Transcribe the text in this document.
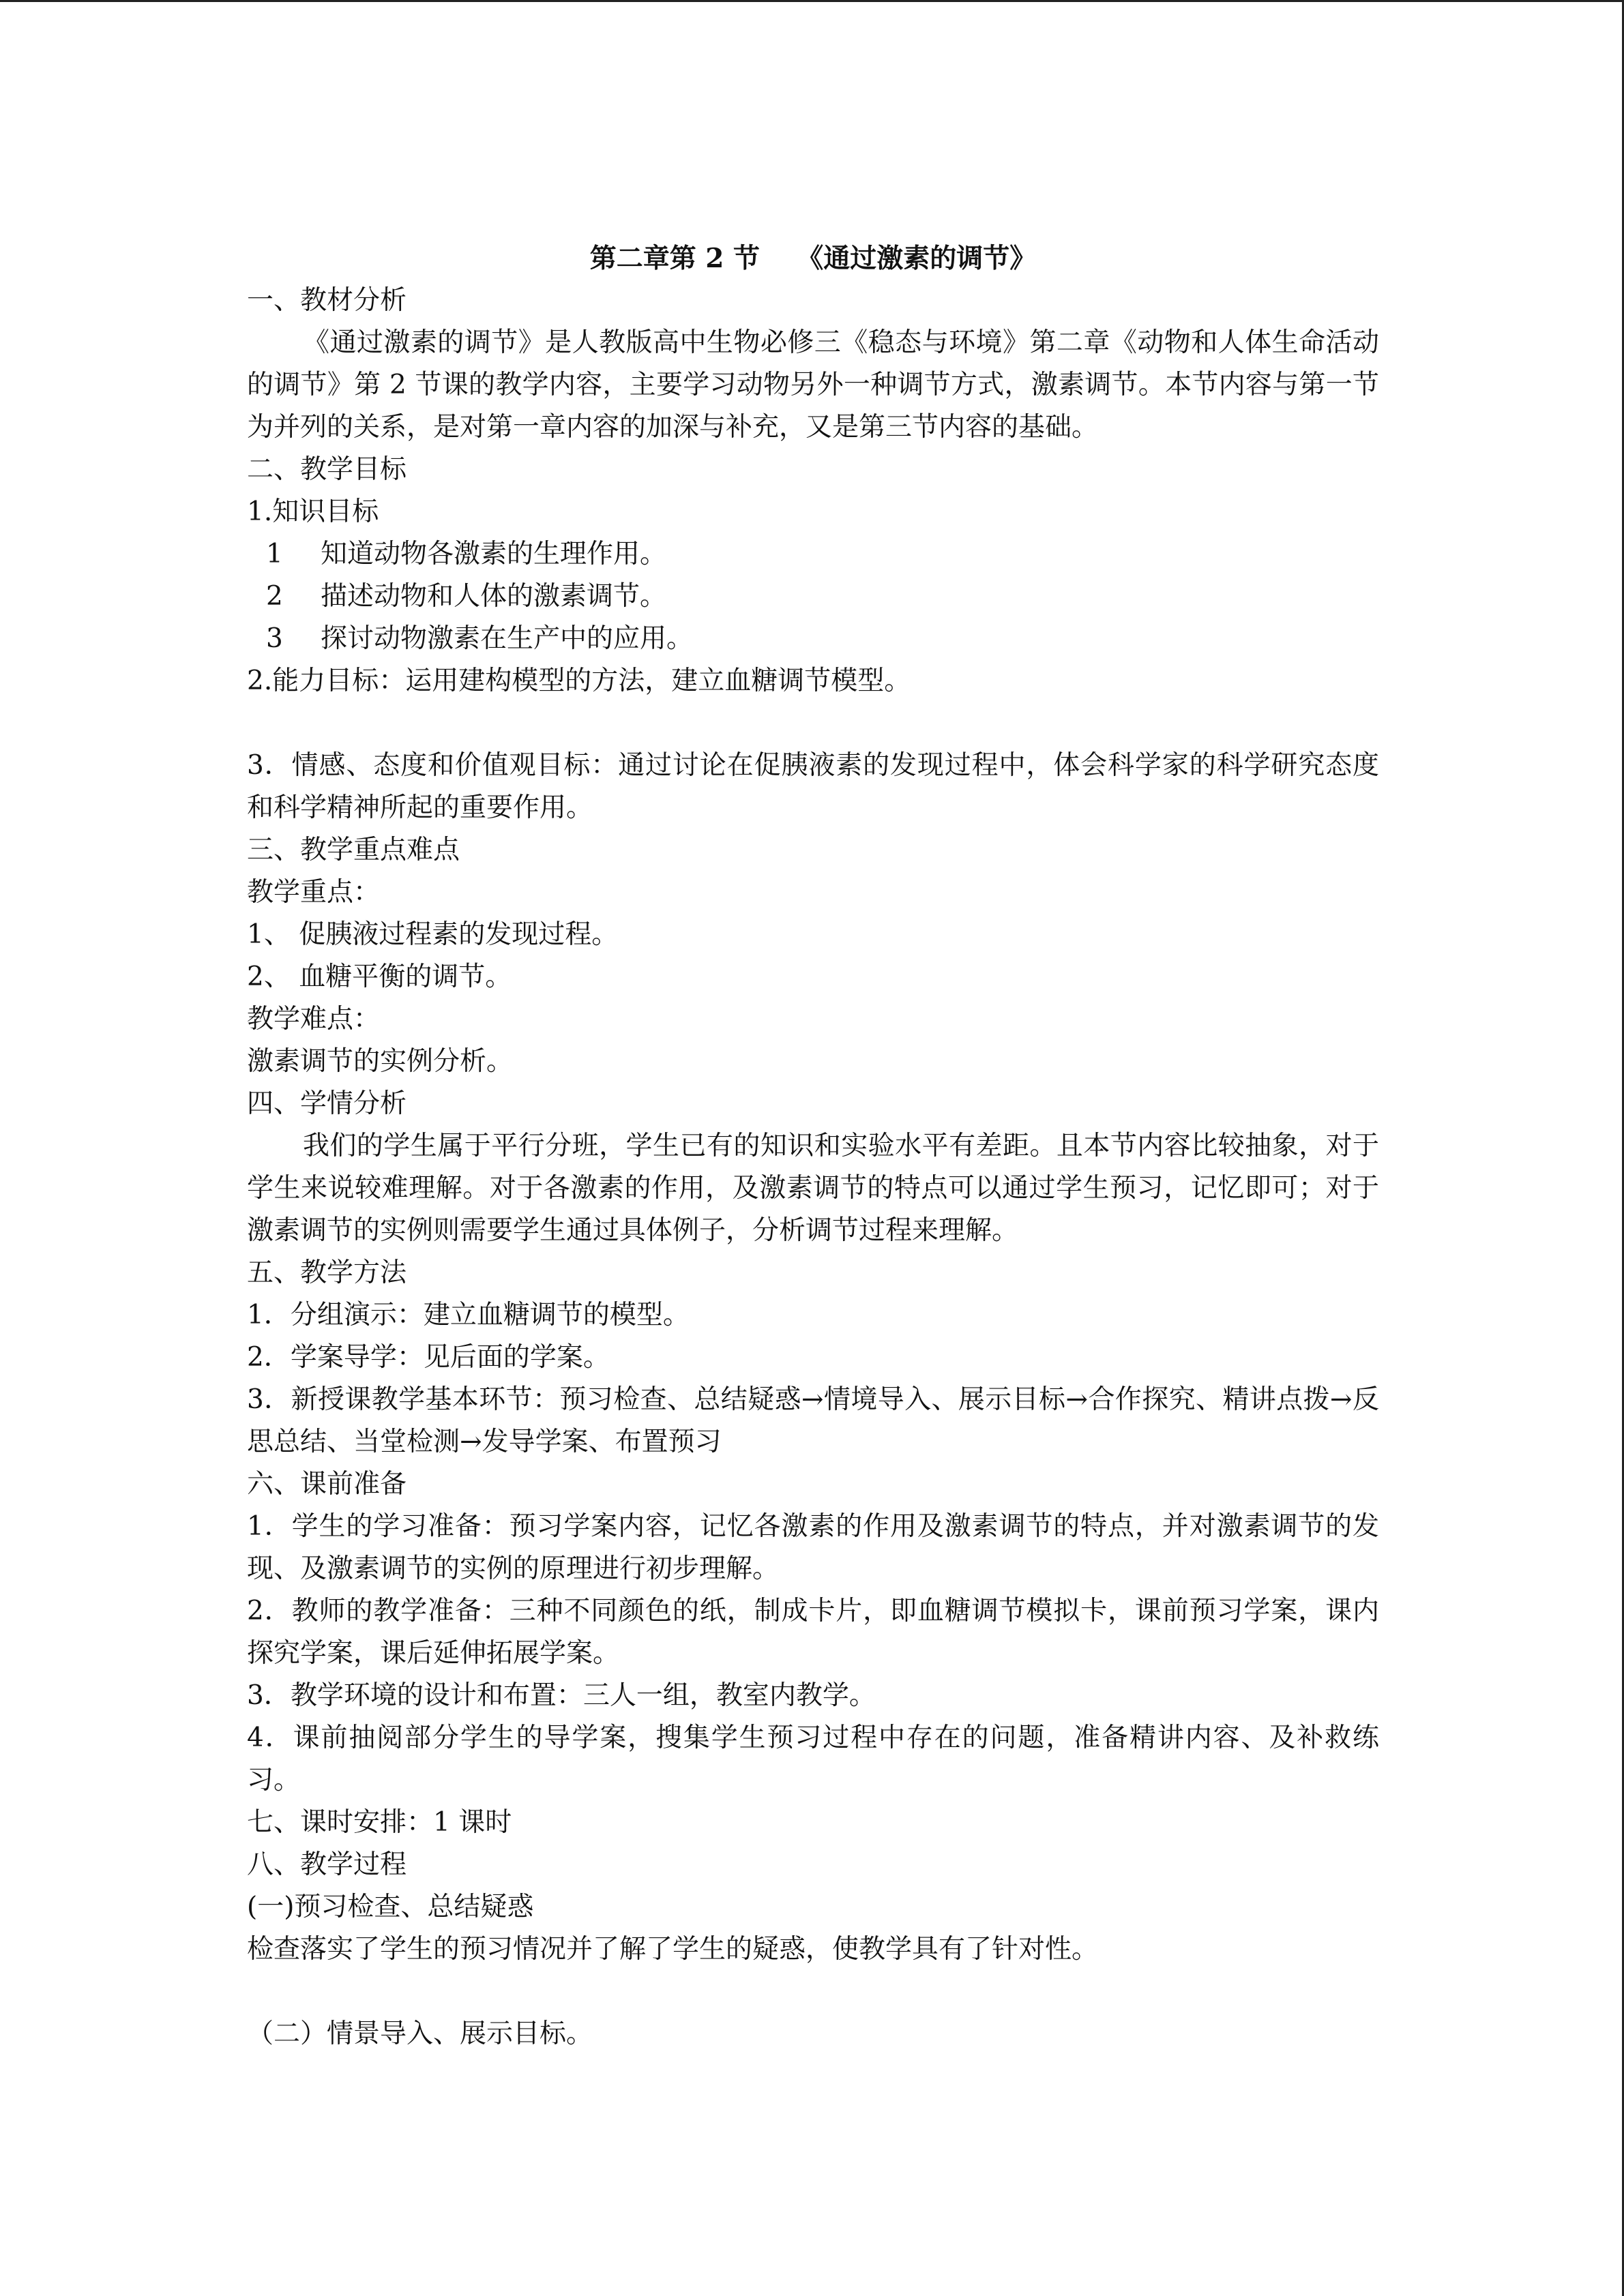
第二章第 2 节    《通过激素的调节》

一、教材分析

《通过激素的调节》是人教版高中生物必修三《稳态与环境》第二章《动物和人体生命活动的调节》第 2 节课的教学内容，主要学习动物另外一种调节方式，激素调节。本节内容与第一节为并列的关系，是对第一章内容的加深与补充，又是第三节内容的基础。

二、教学目标

1.知识目标

1	知道动物各激素的生理作用。
2	描述动物和人体的激素调节。
3	探讨动物激素在生产中的应用。

2.能力目标：运用建构模型的方法，建立血糖调节模型。

3．情感、态度和价值观目标：通过讨论在促胰液素的发现过程中，体会科学家的科学研究态度和科学精神所起的重要作用。

三、教学重点难点

教学重点：

1、 促胰液过程素的发现过程。

2、 血糖平衡的调节。

教学难点：

激素调节的实例分析。

四、学情分析

我们的学生属于平行分班，学生已有的知识和实验水平有差距。且本节内容比较抽象，对于学生来说较难理解。对于各激素的作用，及激素调节的特点可以通过学生预习，记忆即可；对于激素调节的实例则需要学生通过具体例子，分析调节过程来理解。

五、教学方法

1．分组演示：建立血糖调节的模型。

2．学案导学：见后面的学案。

3．新授课教学基本环节：预习检查、总结疑惑→情境导入、展示目标→合作探究、精讲点拨→反思总结、当堂检测→发导学案、布置预习

六、课前准备

1．学生的学习准备：预习学案内容，记忆各激素的作用及激素调节的特点，并对激素调节的发现、及激素调节的实例的原理进行初步理解。

2．教师的教学准备：三种不同颜色的纸，制成卡片，即血糖调节模拟卡，课前预习学案，课内探究学案，课后延伸拓展学案。

3．教学环境的设计和布置：三人一组，教室内教学。

4．课前抽阅部分学生的导学案，搜集学生预习过程中存在的问题，准备精讲内容、及补救练习。

七、课时安排：1 课时

八、教学过程

(一)预习检查、总结疑惑

检查落实了学生的预习情况并了解了学生的疑惑，使教学具有了针对性。

（二）情景导入、展示目标。
